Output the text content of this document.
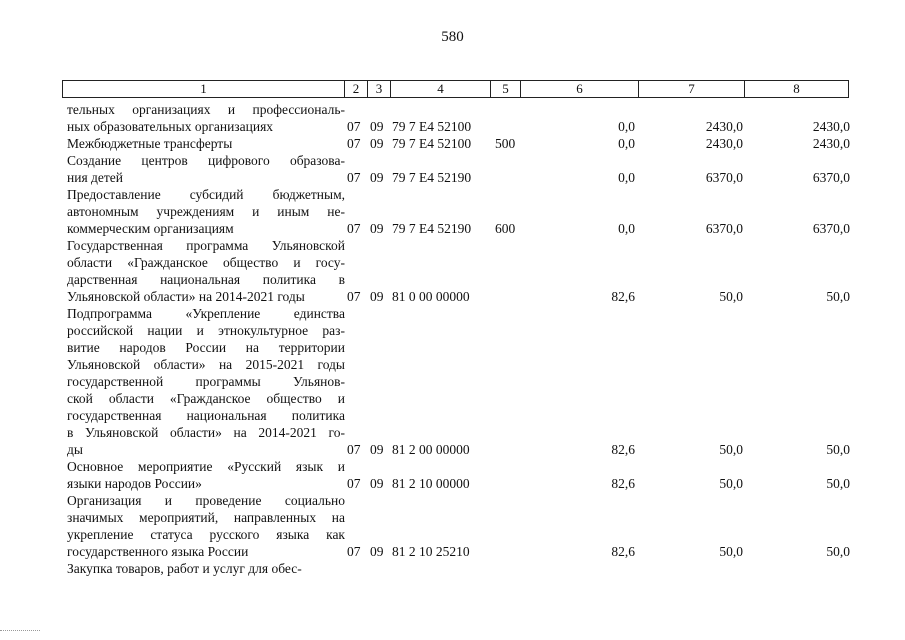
580
1	2	3	4	5	6	7	8
тельных организациях и профессиональ-
ных образовательных организациях	07 09 79 7 Е4 52100	0,0	2430,0	2430,0
Межбюджетные трансферты	07 09 79 7 Е4 52100 500	0,0	2430,0	2430,0
Создание центров цифрового образова-
ния детей	07 09 79 7 Е4 52190	0,0	6370,0	6370,0
Предоставление субсидий бюджетным,
автономным учреждениям и иным не-
коммерческим организациям	07 09 79 7 Е4 52190 600	0,0	6370,0	6370,0
Государственная программа Ульяновской
области «Гражданское общество и госу-
дарственная национальная политика в
Ульяновской области» на 2014-2021 годы	07 09 81 0 00 00000	82,6	50,0	50,0
Подпрограмма «Укрепление единства
российской нации и этнокультурное раз-
витие народов России на территории
Ульяновской области» на 2015-2021 годы
государственной программы Ульянов-
ской области «Гражданское общество и
государственная национальная политика
в Ульяновской области» на 2014-2021 го-
ды	07 09 81 2 00 00000	82,6	50,0	50,0
Основное мероприятие «Русский язык и
языки народов России»	07 09 81 2 10 00000	82,6	50,0	50,0
Организация и проведение социально
значимых мероприятий, направленных на
укрепление статуса русского языка как
государственного языка России	07 09 81 2 10 25210	82,6	50,0	50,0
Закупка товаров, работ и услуг для обес-
